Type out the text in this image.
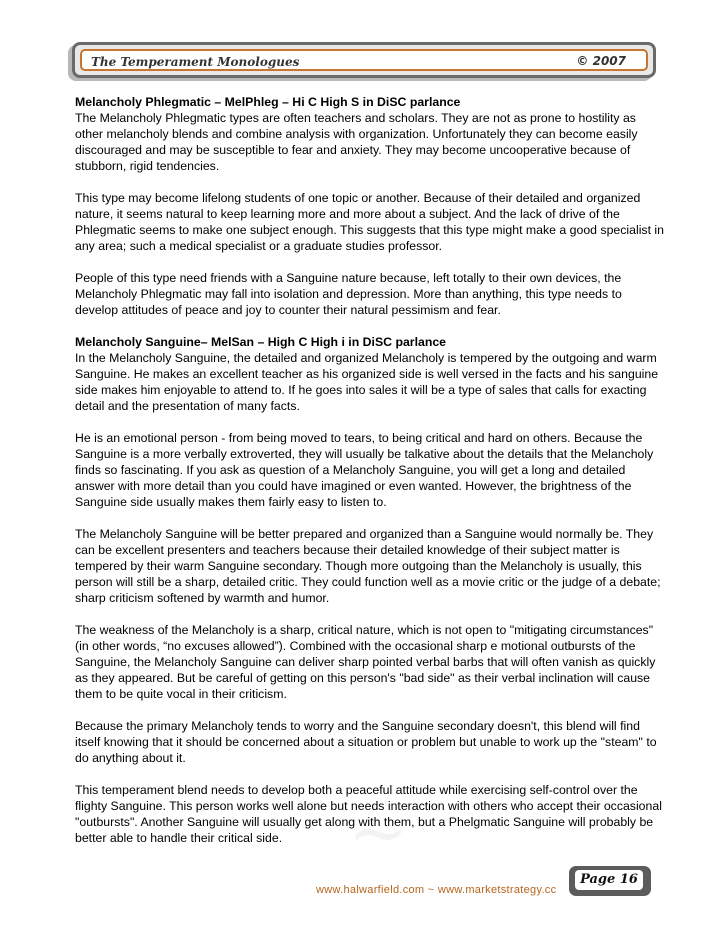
The Temperament Monologues	© 2007
Melancholy Phlegmatic – MelPhleg – Hi C High S in DiSC parlance

The Melancholy Phlegmatic types are often teachers and scholars. They are not as prone to hostility as other melancholy blends and combine analysis with organization. Unfortunately they can become easily discouraged and may be susceptible to fear and anxiety. They may become uncooperative because of stubborn, rigid tendencies.

This type may become lifelong students of one topic or another. Because of their detailed and organized nature, it seems natural to keep learning more and more about a subject. And the lack of drive of the Phlegmatic seems to make one subject enough. This suggests that this type might make a good specialist in any area; such a medical specialist or a graduate studies professor.

People of this type need friends with a Sanguine nature because, left totally to their own devices, the Melancholy Phlegmatic may fall into isolation and depression. More than anything, this type needs to develop attitudes of peace and joy to counter their natural pessimism and fear.

Melancholy Sanguine– MelSan – High C High i in DiSC parlance

In the Melancholy Sanguine, the detailed and organized Melancholy is tempered by the outgoing and warm Sanguine. He makes an excellent teacher as his organized side is well versed in the facts and his sanguine side makes him enjoyable to attend to. If he goes into sales it will be a type of sales that calls for exacting detail and the presentation of many facts.

He is an emotional person - from being moved to tears, to being critical and hard on others. Because the Sanguine is a more verbally extroverted, they will usually be talkative about the details that the Melancholy finds so fascinating. If you ask as question of a Melancholy Sanguine, you will get a long and detailed answer with more detail than you could have imagined or even wanted. However, the brightness of the Sanguine side usually makes them fairly easy to listen to.

The Melancholy Sanguine will be better prepared and organized than a Sanguine would normally be. They can be excellent presenters and teachers because their detailed knowledge of their subject matter is tempered by their warm Sanguine secondary. Though more outgoing than the Melancholy is usually, this person will still be a sharp, detailed critic. They could function well as a movie critic or the judge of a debate; sharp criticism softened by warmth and humor.

The weakness of the Melancholy is a sharp, critical nature, which is not open to "mitigating circumstances" (in other words, “no excuses allowed”). Combined with the occasional sharp e motional outbursts of the Sanguine, the Melancholy Sanguine can deliver sharp pointed verbal barbs that will often vanish as quickly as they appeared. But be careful of getting on this person's "bad side" as their verbal inclination will cause them to be quite vocal in their criticism.

Because the primary Melancholy tends to worry and the Sanguine secondary doesn't, this blend will find itself knowing that it should be concerned about a situation or problem but unable to work up the "steam" to do anything about it.

This temperament blend needs to develop both a peaceful attitude while exercising self-control over the flighty Sanguine. This person works well alone but needs interaction with others who accept their occasional "outbursts". Another Sanguine will usually get along with them, but a Phelgmatic Sanguine will probably be better able to handle their critical side. ~
www.halwarfield.com ~ www.marketstrategy.cc
Page 16
